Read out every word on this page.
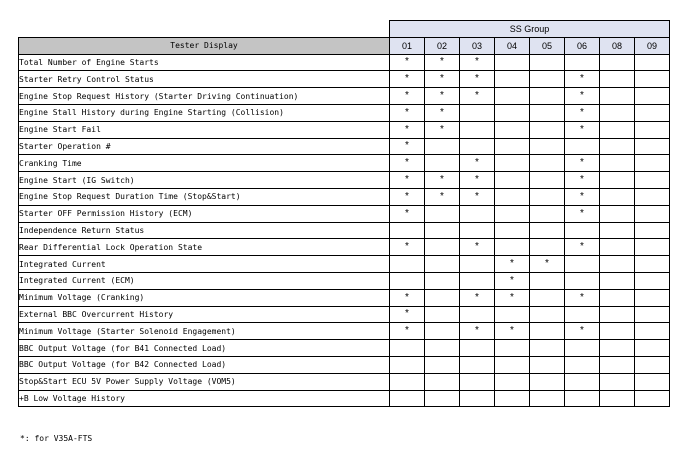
	SS Group							
Tester Display	01	02	03	04	05	06	08	09
Total Number of Engine Starts	*	*	*					
Starter Retry Control Status	*	*	*			*		
Engine Stop Request History (Starter Driving Continuation)	*	*	*			*		
Engine Stall History during Engine Starting (Collision)	*	*				*		
Engine Start Fail	*	*				*		
Starter Operation #	*							
Cranking Time	*		*			*		
Engine Start (IG Switch)	*	*	*			*		
Engine Stop Request Duration Time (Stop&Start)	*	*	*			*		
Starter OFF Permission History (ECM)	*					*		
Independence Return Status								
Rear Differential Lock Operation State	*		*			*		
Integrated Current				*	*			
Integrated Current (ECM)				*				
Minimum Voltage (Cranking)	*		*	*		*		
External BBC Overcurrent History	*							
Minimum Voltage (Starter Solenoid Engagement)	*		*	*		*		
BBC Output Voltage (for B41 Connected Load)								
BBC Output Voltage (for B42 Connected Load)								
Stop&Start ECU 5V Power Supply Voltage (VOM5)								
+B Low Voltage History								
*: for V35A-FTS
